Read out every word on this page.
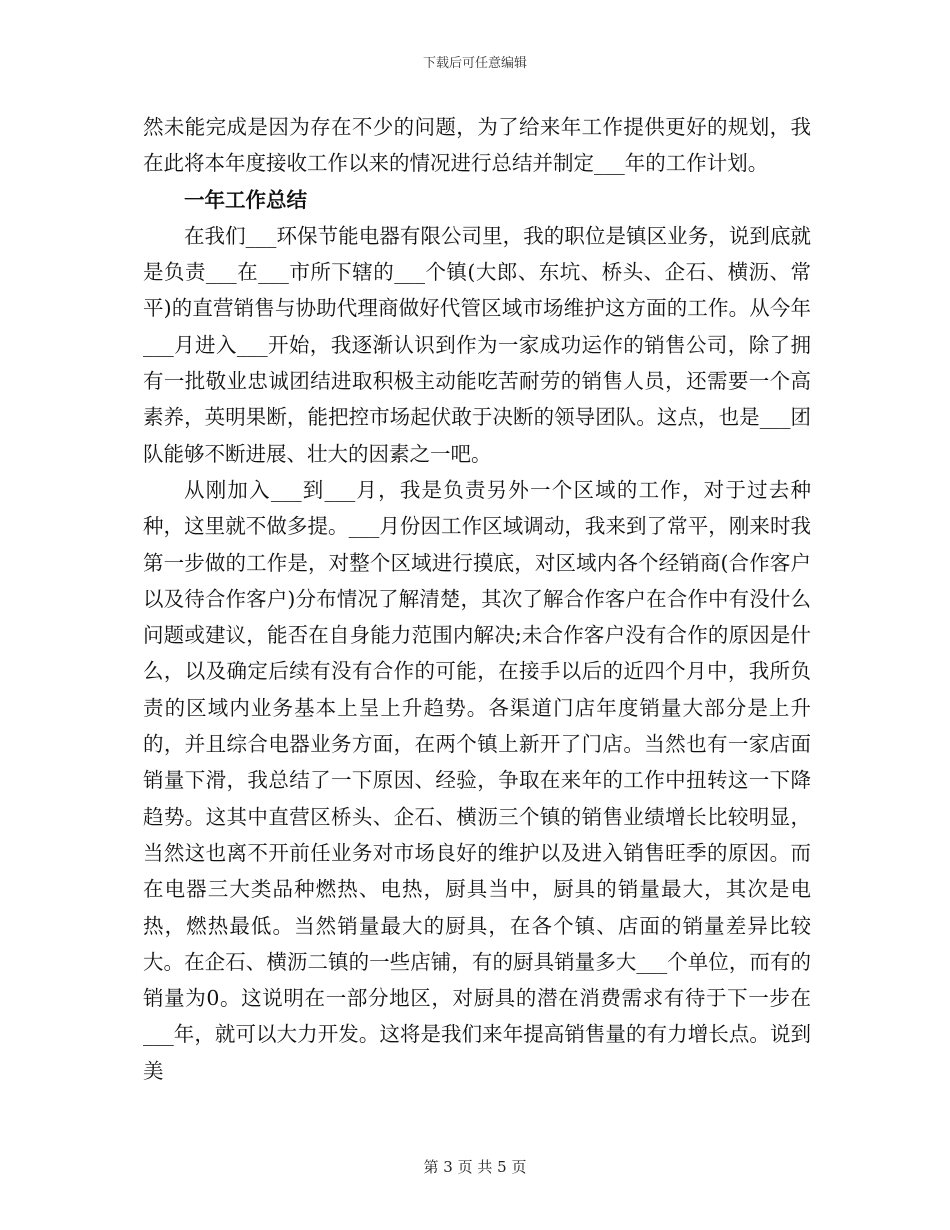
下载后可任意编辑

然未能完成是因为存在不少的问题，为了给来年工作提供更好的规划，我在此将本年度接收工作以来的情况进行总结并制定___年的工作计划。

一年工作总结

在我们___环保节能电器有限公司里，我的职位是镇区业务，说到底就是负责___在___市所下辖的___个镇(大郎、东坑、桥头、企石、横沥、常平)的直营销售与协助代理商做好代管区域市场维护这方面的工作。从今年___月进入___开始，我逐渐认识到作为一家成功运作的销售公司，除了拥有一批敬业忠诚团结进取积极主动能吃苦耐劳的销售人员，还需要一个高素养，英明果断，能把控市场起伏敢于决断的领导团队。这点，也是___团队能够不断进展、壮大的因素之一吧。

从刚加入___到___月，我是负责另外一个区域的工作，对于过去种种，这里就不做多提。___月份因工作区域调动，我来到了常平，刚来时我第一步做的工作是，对整个区域进行摸底，对区域内各个经销商(合作客户以及待合作客户)分布情况了解清楚，其次了解合作客户在合作中有没什么问题或建议，能否在自身能力范围内解决;未合作客户没有合作的原因是什么，以及确定后续有没有合作的可能，在接手以后的近四个月中，我所负责的区域内业务基本上呈上升趋势。各渠道门店年度销量大部分是上升的，并且综合电器业务方面，在两个镇上新开了门店。当然也有一家店面销量下滑，我总结了一下原因、经验，争取在来年的工作中扭转这一下降趋势。这其中直营区桥头、企石、横沥三个镇的销售业绩增长比较明显，当然这也离不开前任业务对市场良好的维护以及进入销售旺季的原因。而在电器三大类品种燃热、电热，厨具当中，厨具的销量最大，其次是电热，燃热最低。当然销量最大的厨具，在各个镇、店面的销量差异比较大。在企石、横沥二镇的一些店铺，有的厨具销量多大___个单位，而有的销量为0。这说明在一部分地区，对厨具的潜在消费需求有待于下一步在___年，就可以大力开发。这将是我们来年提高销售量的有力增长点。说到美

第 3 页 共 5 页
